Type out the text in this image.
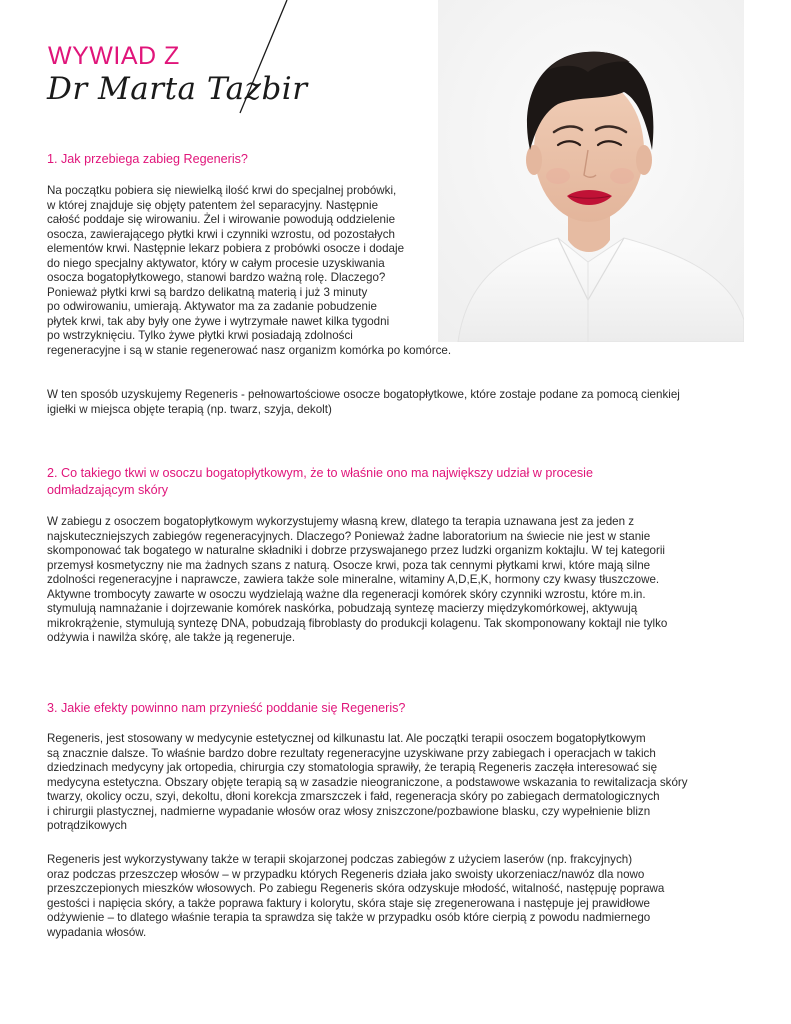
WYWIAD Z
Dr Marta Tazbir
1. Jak przebiega zabieg Regeneris?

Na początku pobiera się niewielką ilość krwi do specjalnej probówki,
w której znajduje się objęty patentem żel separacyjny. Następnie
całość poddaje się wirowaniu. Żel i wirowanie powodują oddzielenie
osocza, zawierającego płytki krwi i czynniki wzrostu, od pozostałych
elementów krwi. Następnie lekarz pobiera z probówki osocze i dodaje
do niego specjalny aktywator, który w całym procesie uzyskiwania
osocza bogatopłytkowego, stanowi bardzo ważną rolę. Dlaczego?
Ponieważ płytki krwi są bardzo delikatną materią i już 3 minuty
po odwirowaniu, umierają. Aktywator ma za zadanie pobudzenie
płytek krwi, tak aby były one żywe i wytrzymałe nawet kilka tygodni
po wstrzyknięciu. Tylko żywe płytki krwi posiadają zdolności
regeneracyjne i są w stanie regenerować nasz organizm komórka po komórce.

W ten sposób uzyskujemy Regeneris - pełnowartościowe osocze bogatopłytkowe, które zostaje podane za pomocą cienkiej
igiełki w miejsca objęte terapią (np. twarz, szyja, dekolt)

2. Co takiego tkwi w osoczu bogatopłytkowym, że to właśnie ono ma największy udział w procesie
odmładzającym skóry

W zabiegu z osoczem bogatopłytkowym wykorzystujemy własną krew, dlatego ta terapia uznawana jest za jeden z
najskuteczniejszych zabiegów regeneracyjnych. Dlaczego? Ponieważ żadne laboratorium na świecie nie jest w stanie
skomponować tak bogatego w naturalne składniki i dobrze przyswajanego przez ludzki organizm koktajlu. W tej kategorii
przemysł kosmetyczny nie ma żadnych szans z naturą. Osocze krwi, poza tak cennymi płytkami krwi, które mają silne
zdolności regeneracyjne i naprawcze, zawiera także sole mineralne, witaminy A,D,E,K, hormony czy kwasy tłuszczowe.
Aktywne trombocyty zawarte w osoczu wydzielają ważne dla regeneracji komórek skóry czynniki wzrostu, które m.in.
stymulują namnażanie i dojrzewanie komórek naskórka, pobudzają syntezę macierzy międzykomórkowej, aktywują
mikrokrążenie, stymulują syntezę DNA, pobudzają fibroblasty do produkcji kolagenu. Tak skomponowany koktajl nie tylko
odżywia i nawilża skórę, ale także ją regeneruje.

3. Jakie efekty powinno nam przynieść poddanie się Regeneris?

Regeneris, jest stosowany w medycynie estetycznej od kilkunastu lat. Ale początki terapii osoczem bogatopłytkowym
są znacznie dalsze. To właśnie bardzo dobre rezultaty regeneracyjne uzyskiwane przy zabiegach i operacjach w takich
dziedzinach medycyny jak ortopedia, chirurgia czy stomatologia sprawiły, że terapią Regeneris zaczęła interesować się
medycyna estetyczna. Obszary objęte terapią są w zasadzie nieograniczone, a podstawowe wskazania to rewitalizacja skóry
twarzy, okolicy oczu, szyi, dekoltu, dłoni korekcja zmarszczek i fałd, regeneracja skóry po zabiegach dermatologicznych
i chirurgii plastycznej, nadmierne wypadanie włosów oraz włosy zniszczone/pozbawione blasku, czy wypełnienie blizn
potrądzikowych

Regeneris jest wykorzystywany także w terapii skojarzonej podczas zabiegów z użyciem laserów (np. frakcyjnych)
oraz podczas przeszczep włosów – w przypadku których Regeneris działa jako swoisty ukorzeniacz/nawóz dla nowo
przeszczepionych mieszków włosowych. Po zabiegu Regeneris skóra odzyskuje młodość, witalność, następuję poprawa
gestości i napięcia skóry, a także poprawa faktury i kolorytu, skóra staje się zregenerowana i następuje jej prawidłowe
odżywienie – to dlatego właśnie terapia ta sprawdza się także w przypadku osób które cierpią z powodu nadmiernego
wypadania włosów.
